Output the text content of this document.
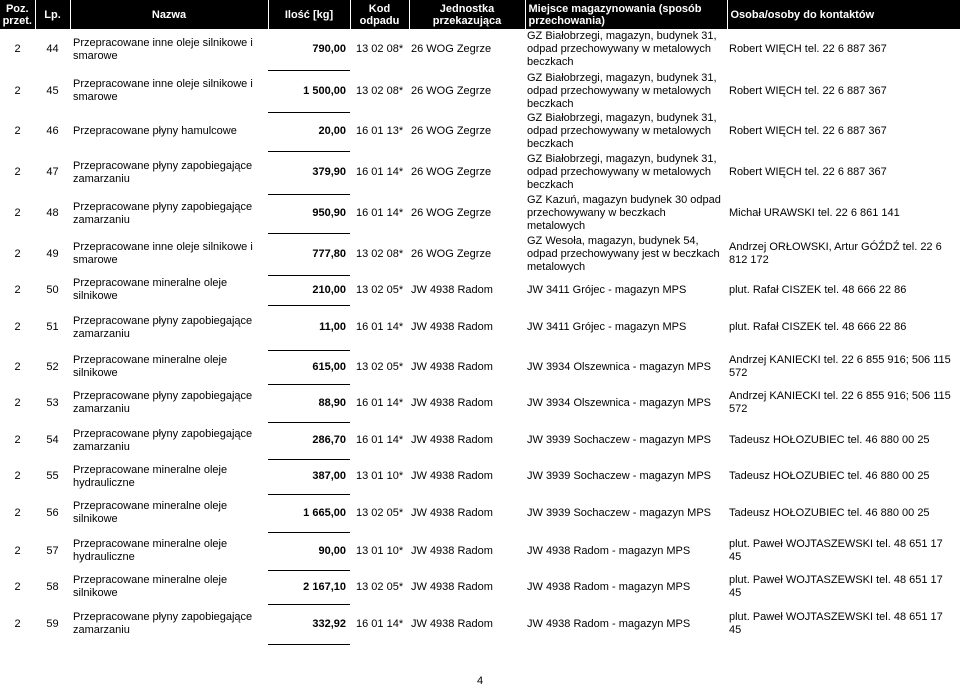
Poz. przet.	Lp.	Nazwa	Ilość [kg]	Kod odpadu	Jednostka przekazująca	Miejsce magazynowania (sposób przechowania)	Osoba/osoby do kontaktów
2	44	Przepracowane inne oleje silnikowe i smarowe	790,00	13 02 08*	26 WOG Zegrze	GZ Białobrzegi, magazyn, budynek 31, odpad przechowywany w metalowych beczkach	Robert WIĘCH tel. 22 6 887 367
2	45	Przepracowane inne oleje silnikowe i smarowe	1 500,00	13 02 08*	26 WOG Zegrze	GZ Białobrzegi, magazyn, budynek 31, odpad przechowywany w metalowych beczkach	Robert WIĘCH tel. 22 6 887 367
2	46	Przepracowane płyny hamulcowe	20,00	16 01 13*	26 WOG Zegrze	GZ Białobrzegi, magazyn, budynek 31, odpad przechowywany w metalowych beczkach	Robert WIĘCH tel. 22 6 887 367
2	47	Przepracowane płyny zapobiegające zamarzaniu	379,90	16 01 14*	26 WOG Zegrze	GZ Białobrzegi, magazyn, budynek 31, odpad przechowywany w metalowych beczkach	Robert WIĘCH tel. 22 6 887 367
2	48	Przepracowane płyny zapobiegające zamarzaniu	950,90	16 01 14*	26 WOG Zegrze	GZ Kazuń, magazyn budynek 30 odpad przechowywany w beczkach metalowych	Michał URAWSKI tel. 22 6 861 141
2	49	Przepracowane inne oleje silnikowe i smarowe	777,80	13 02 08*	26 WOG Zegrze	GZ Wesoła, magazyn, budynek 54, odpad przechowywany jest w beczkach metalowych	Andrzej ORŁOWSKI, Artur GÓŹDŹ tel. 22 6 812 172
2	50	Przepracowane mineralne oleje silnikowe	210,00	13 02 05*	JW 4938 Radom	JW 3411 Grójec - magazyn MPS	plut. Rafał CISZEK tel. 48 666 22 86
2	51	Przepracowane płyny zapobiegające zamarzaniu	11,00	16 01 14*	JW 4938 Radom	JW 3411 Grójec - magazyn MPS	plut. Rafał CISZEK tel. 48 666 22 86
2	52	Przepracowane mineralne oleje silnikowe	615,00	13 02 05*	JW 4938 Radom	JW 3934 Olszewnica - magazyn MPS	Andrzej KANIECKI tel. 22 6 855 916; 506 115 572
2	53	Przepracowane płyny zapobiegające zamarzaniu	88,90	16 01 14*	JW 4938 Radom	JW 3934 Olszewnica - magazyn MPS	Andrzej KANIECKI tel. 22 6 855 916; 506 115 572
2	54	Przepracowane płyny zapobiegające zamarzaniu	286,70	16 01 14*	JW 4938 Radom	JW 3939 Sochaczew - magazyn MPS	Tadeusz HOŁOZUBIEC tel. 46 880 00 25
2	55	Przepracowane mineralne oleje hydrauliczne	387,00	13 01 10*	JW 4938 Radom	JW 3939 Sochaczew - magazyn MPS	Tadeusz HOŁOZUBIEC tel. 46 880 00 25
2	56	Przepracowane mineralne oleje silnikowe	1 665,00	13 02 05*	JW 4938 Radom	JW 3939 Sochaczew - magazyn MPS	Tadeusz HOŁOZUBIEC tel. 46 880 00 25
2	57	Przepracowane mineralne oleje hydrauliczne	90,00	13 01 10*	JW 4938 Radom	JW 4938 Radom - magazyn MPS	plut. Paweł WOJTASZEWSKI tel. 48 651 17 45
2	58	Przepracowane mineralne oleje silnikowe	2 167,10	13 02 05*	JW 4938 Radom	JW 4938 Radom - magazyn MPS	plut. Paweł WOJTASZEWSKI tel. 48 651 17 45
2	59	Przepracowane płyny zapobiegające zamarzaniu	332,92	16 01 14*	JW 4938 Radom	JW 4938 Radom - magazyn MPS	plut. Paweł WOJTASZEWSKI tel. 48 651 17 45
4
